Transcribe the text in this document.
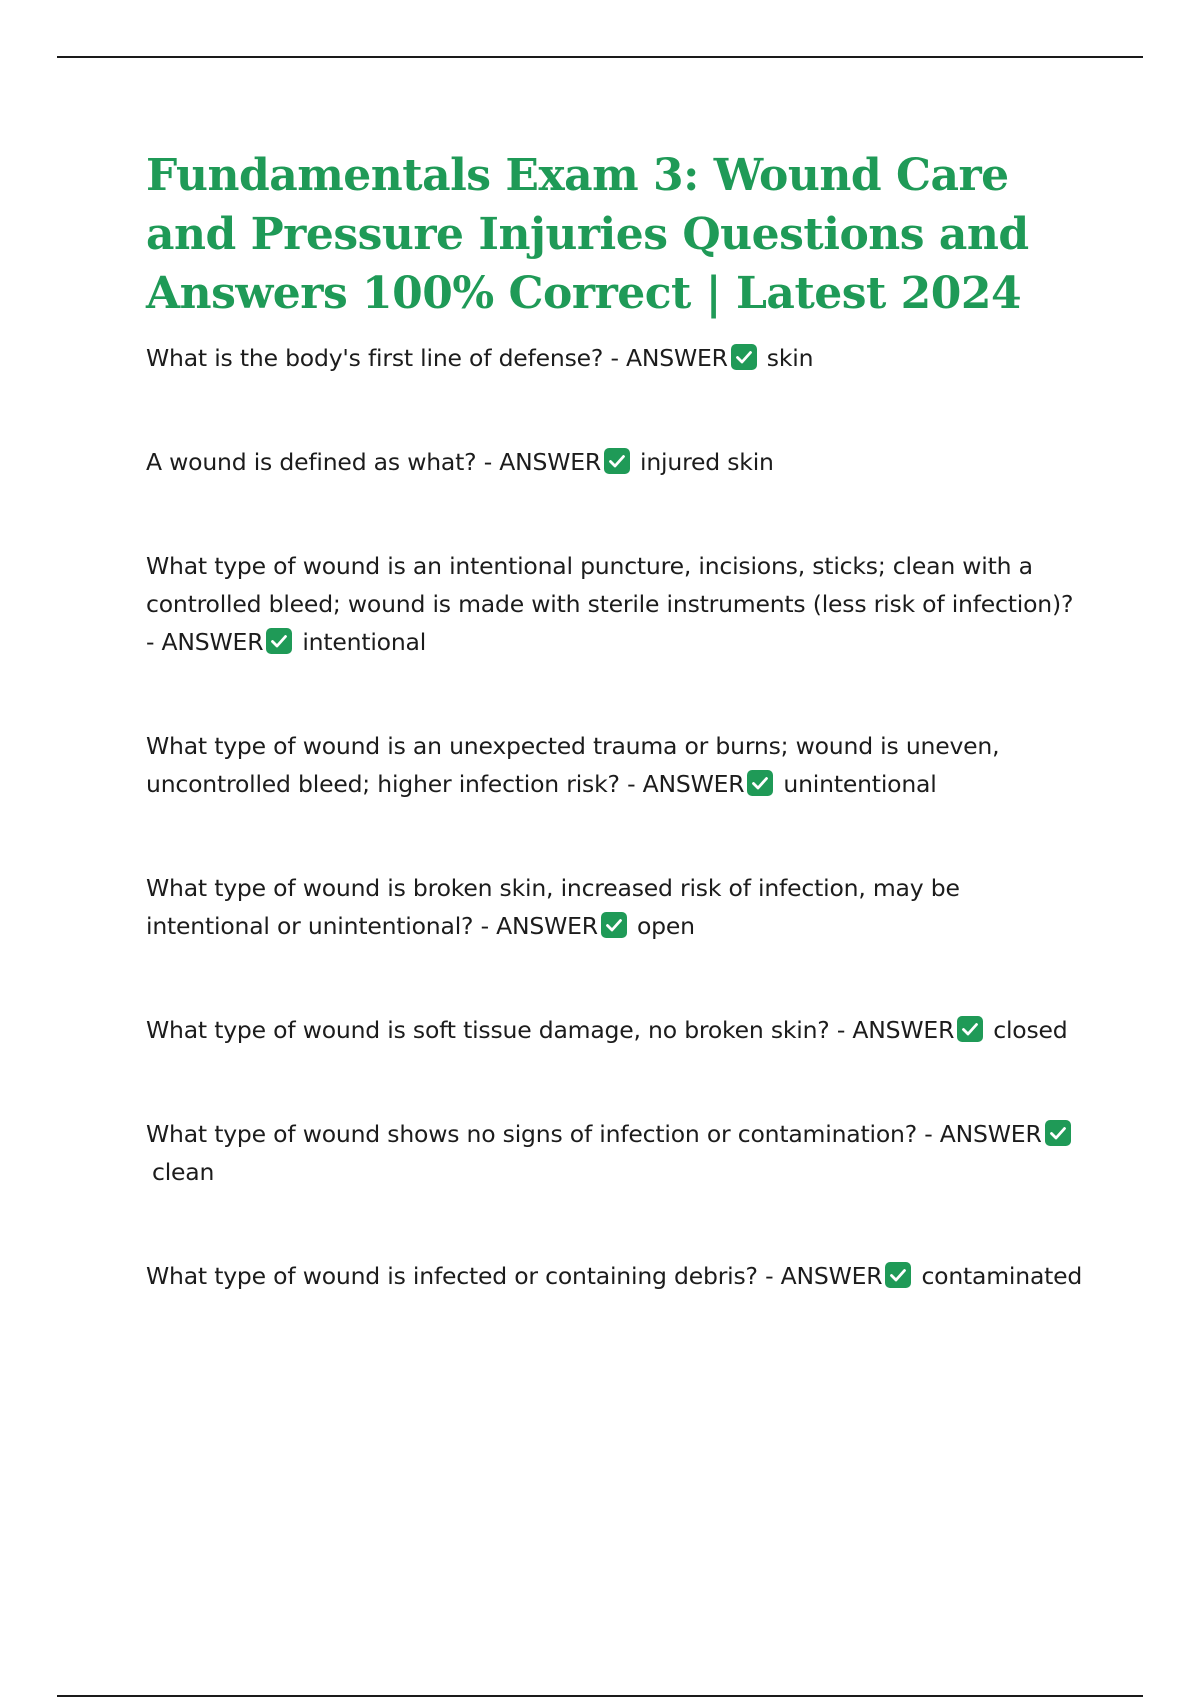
Fundamentals Exam 3: Wound Care and Pressure Injuries Questions and Answers 100% Correct | Latest 2024
What is the body's first line of defense? - ANSWER skin
A wound is defined as what? - ANSWER injured skin
What type of wound is an intentional puncture, incisions, sticks; clean with a controlled bleed; wound is made with sterile instruments (less risk of infection)? - ANSWER intentional
What type of wound is an unexpected trauma or burns; wound is uneven, uncontrolled bleed; higher infection risk? - ANSWER unintentional
What type of wound is broken skin, increased risk of infection, may be intentional or unintentional? - ANSWER open
What type of wound is soft tissue damage, no broken skin? - ANSWER closed
What type of wound shows no signs of infection or contamination? - ANSWERclean
What type of wound is infected or containing debris? - ANSWER contaminated
